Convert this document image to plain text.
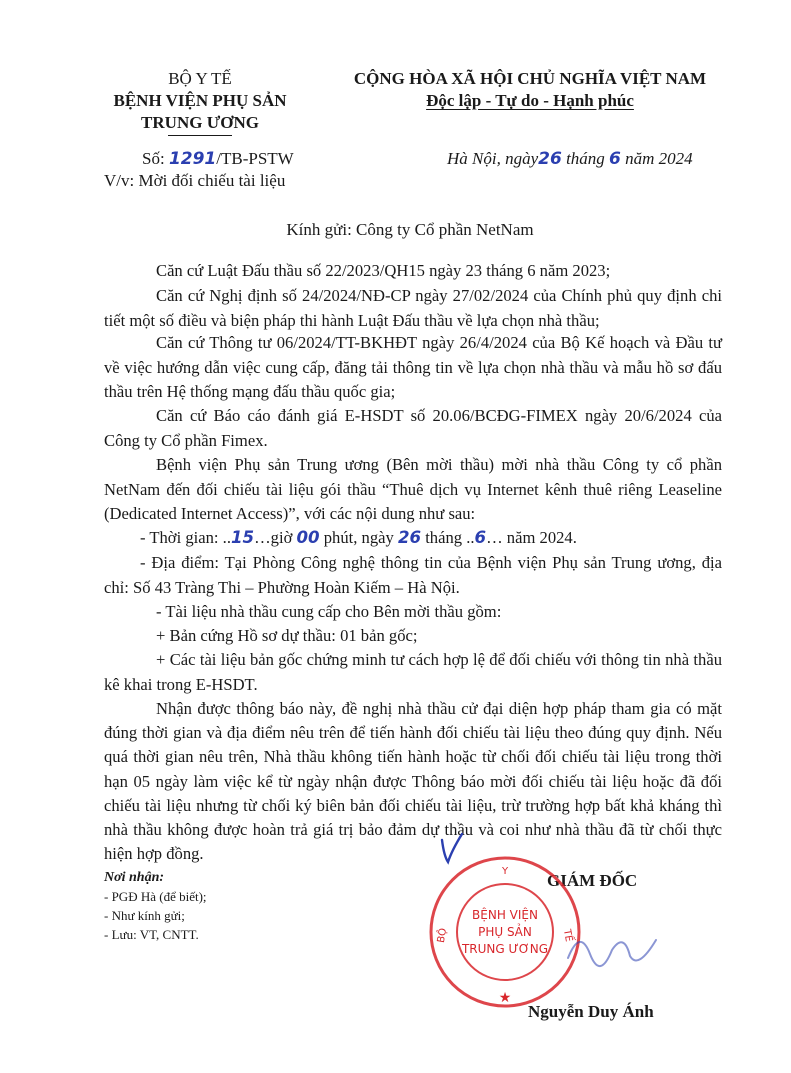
BỘ Y TẾ
BỆNH VIỆN PHỤ SẢN
TRUNG ƯƠNG
Số: 1291/TB-PSTW
V/v: Mời đối chiếu tài liệu
CỘNG HÒA XÃ HỘI CHỦ NGHĨA VIỆT NAM
Độc lập - Tự do - Hạnh phúc
Hà Nội, ngày26 tháng 6 năm 2024
Kính gửi: Công ty Cổ phần NetNam
Căn cứ Luật Đấu thầu số 22/2023/QH15 ngày 23 tháng 6 năm 2023;
Căn cứ Nghị định số 24/2024/NĐ-CP ngày 27/02/2024 của Chính phủ quy định chi tiết một số điều và biện pháp thi hành Luật Đấu thầu về lựa chọn nhà thầu;
Căn cứ Thông tư 06/2024/TT-BKHĐT ngày 26/4/2024 của Bộ Kế hoạch và Đầu tư về việc hướng dẫn việc cung cấp, đăng tải thông tin về lựa chọn nhà thầu và mẫu hồ sơ đấu thầu trên Hệ thống mạng đấu thầu quốc gia;
Căn cứ Báo cáo đánh giá E-HSDT số 20.06/BCĐG-FIMEX ngày 20/6/2024 của Công ty Cổ phần Fimex.
Bệnh viện Phụ sản Trung ương (Bên mời thầu) mời nhà thầu Công ty cổ phần NetNam đến đối chiếu tài liệu gói thầu “Thuê dịch vụ Internet kênh thuê riêng Leaseline (Dedicated Internet Access)”, với các nội dung như sau:
- Thời gian: ..15…giờ 00 phút, ngày 26 tháng ..6… năm 2024.
- Địa điểm: Tại Phòng Công nghệ thông tin của Bệnh viện Phụ sản Trung ương, địa chỉ: Số 43 Tràng Thi – Phường Hoàn Kiếm – Hà Nội.
- Tài liệu nhà thầu cung cấp cho Bên mời thầu gồm:
+ Bản cứng Hồ sơ dự thầu: 01 bản gốc;
+ Các tài liệu bản gốc chứng minh tư cách hợp lệ để đối chiếu với thông tin nhà thầu kê khai trong E-HSDT.
Nhận được thông báo này, đề nghị nhà thầu cử đại diện hợp pháp tham gia có mặt đúng thời gian và địa điểm nêu trên để tiến hành đối chiếu tài liệu theo đúng quy định. Nếu quá thời gian nêu trên, Nhà thầu không tiến hành hoặc từ chối đối chiếu tài liệu trong thời hạn 05 ngày làm việc kể từ ngày nhận được Thông báo mời đối chiếu tài liệu hoặc đã đối chiếu tài liệu nhưng từ chối ký biên bản đối chiếu tài liệu, trừ trường hợp bất khả kháng thì nhà thầu không được hoàn trả giá trị bảo đảm dự thầu và coi như nhà thầu đã từ chối thực hiện hợp đồng.
Nơi nhận:
- PGĐ Hà (để biết);
- Như kính gửi;
- Lưu: VT, CNTT.
GIÁM ĐỐC
Y
BỘ	TẾ
BỆNH VIỆN
PHỤ SẢN
TRUNG ƯƠNG
★
Nguyễn Duy Ánh
